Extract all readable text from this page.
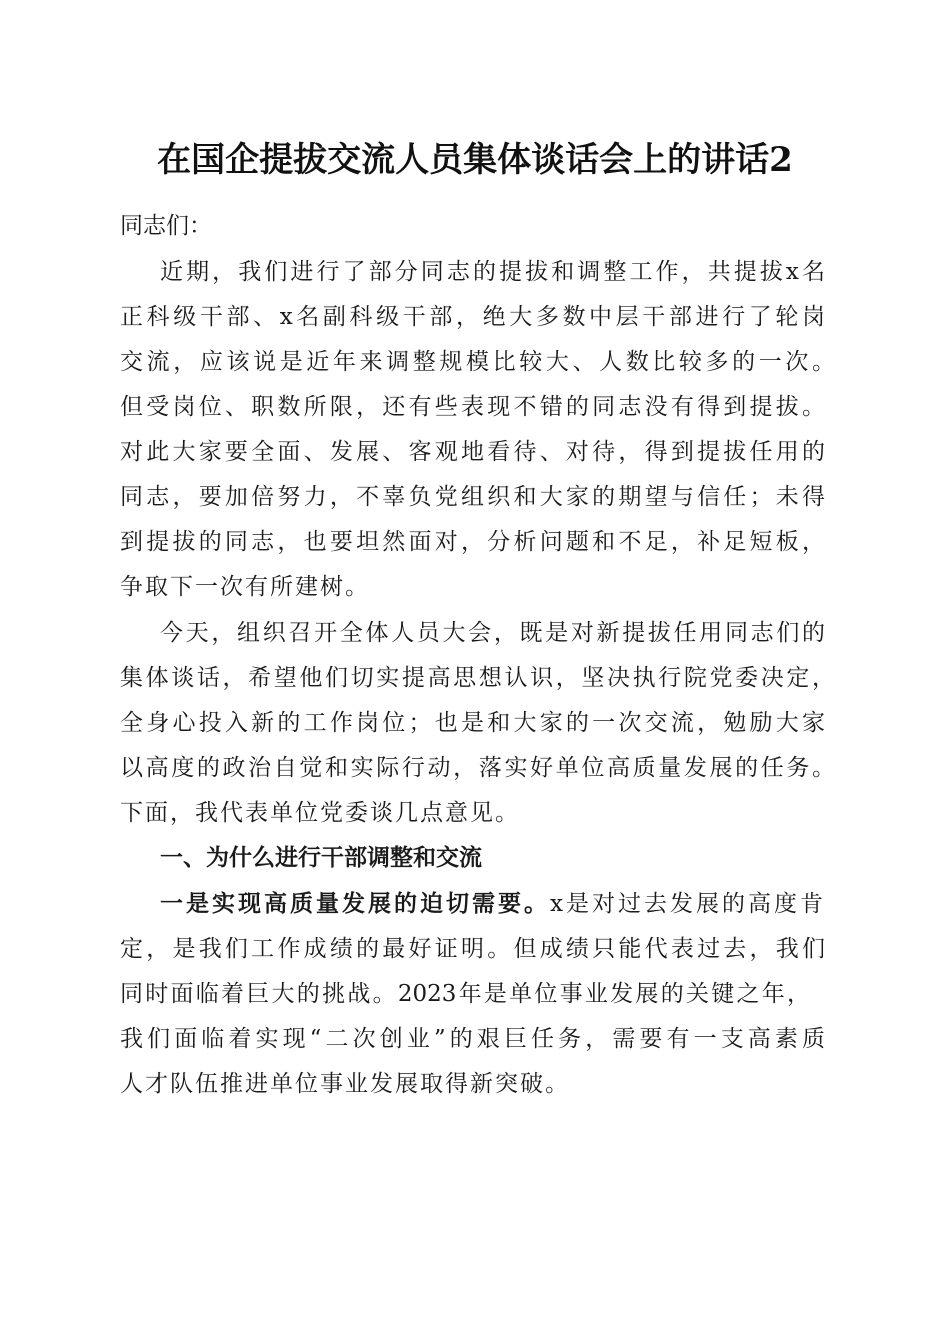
在国企提拔交流人员集体谈话会上的讲话2
同志们：
近期，我们进行了部分同志的提拔和调整工作，共提拔x名
正科级干部、x名副科级干部，绝大多数中层干部进行了轮岗
交流，应该说是近年来调整规模比较大、人数比较多的一次。
但受岗位、职数所限，还有些表现不错的同志没有得到提拔。
对此大家要全面、发展、客观地看待、对待，得到提拔任用的
同志，要加倍努力，不辜负党组织和大家的期望与信任；未得
到提拔的同志，也要坦然面对，分析问题和不足，补足短板，
争取下一次有所建树。
今天，组织召开全体人员大会，既是对新提拔任用同志们的
集体谈话，希望他们切实提高思想认识，坚决执行院党委决定，
全身心投入新的工作岗位；也是和大家的一次交流，勉励大家
以高度的政治自觉和实际行动，落实好单位高质量发展的任务。
下面，我代表单位党委谈几点意见。
一、为什么进行干部调整和交流
一是实现高质量发展的迫切需要。x是对过去发展的高度肯
定，是我们工作成绩的最好证明。但成绩只能代表过去，我们
同时面临着巨大的挑战。2023年是单位事业发展的关键之年，
我们面临着实现“二次创业”的艰巨任务，需要有一支高素质
人才队伍推进单位事业发展取得新突破。
